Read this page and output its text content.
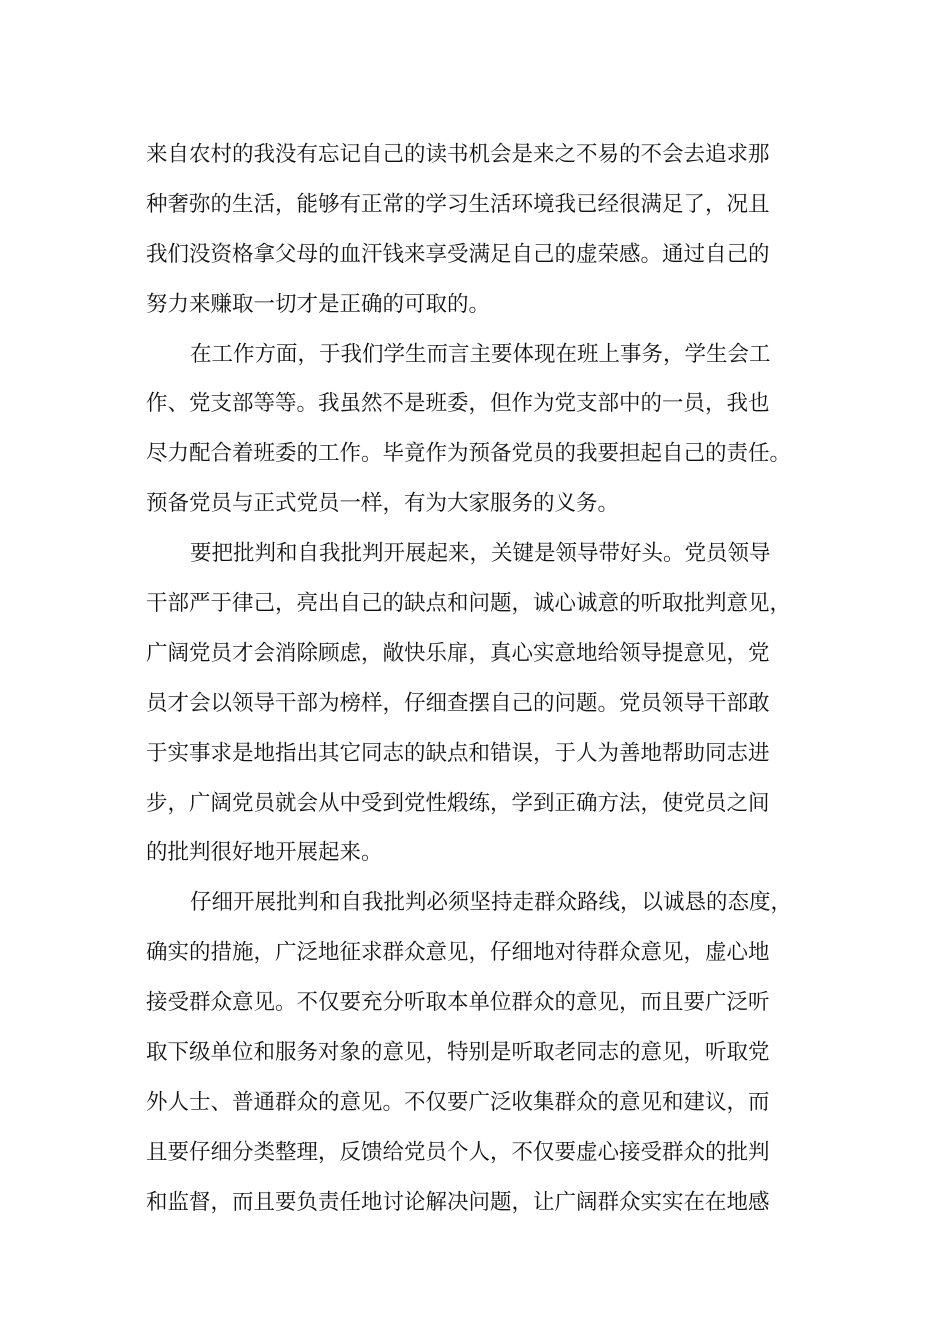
来自农村的我没有忘记自己的读书机会是来之不易的不会去追求那
种奢弥的生活，能够有正常的学习生活环境我已经很满足了，况且
我们没资格拿父母的血汗钱来享受满足自己的虚荣感。通过自己的
努力来赚取一切才是正确的可取的。
在工作方面，于我们学生而言主要体现在班上事务，学生会工
作、党支部等等。我虽然不是班委，但作为党支部中的一员，我也
尽力配合着班委的工作。毕竟作为预备党员的我要担起自己的责任。
预备党员与正式党员一样，有为大家服务的义务。
要把批判和自我批判开展起来，关键是领导带好头。党员领导
干部严于律己，亮出自己的缺点和问题，诚心诚意的听取批判意见，
广阔党员才会消除顾虑，敞快乐扉，真心实意地给领导提意见，党
员才会以领导干部为榜样，仔细查摆自己的问题。党员领导干部敢
于实事求是地指出其它同志的缺点和错误，于人为善地帮助同志进
步，广阔党员就会从中受到党性煅练，学到正确方法，使党员之间
的批判很好地开展起来。
仔细开展批判和自我批判必须坚持走群众路线，以诚恳的态度，
确实的措施，广泛地征求群众意见，仔细地对待群众意见，虚心地
接受群众意见。不仅要充分听取本单位群众的意见，而且要广泛听
取下级单位和服务对象的意见，特别是听取老同志的意见，听取党
外人士、普通群众的意见。不仅要广泛收集群众的意见和建议，而
且要仔细分类整理，反馈给党员个人，不仅要虚心接受群众的批判
和监督，而且要负责任地讨论解决问题，让广阔群众实实在在地感
